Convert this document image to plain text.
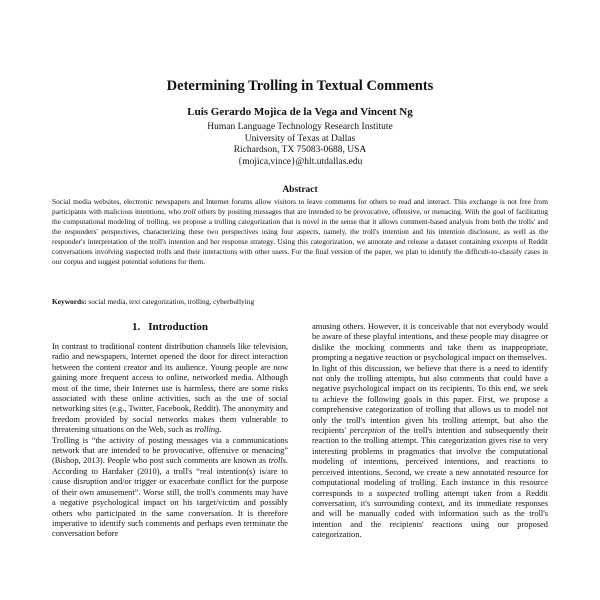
Determining Trolling in Textual Comments
Luis Gerardo Mojica de la Vega and Vincent Ng
Human Language Technology Research Institute
University of Texas at Dallas
Richardson, TX 75083-0688, USA
{mojica,vince}@hlt.utdallas.edu
Abstract

Social media websites, electronic newspapers and Internet forums allow visitors to leave comments for others to read and interact. This exchange is not free from participants with malicious intentions, who troll others by positing messages that are intended to be provocative, offensive, or menacing. With the goal of facilitating the computational modeling of trolling, we propose a trolling categorization that is novel in the sense that it allows comment-based analysis from both the trolls' and the responders' perspectives, characterizing these two perspectives using four aspects, namely, the troll's intention and his intention disclosure, as well as the responder's interpretation of the troll's intention and her response strategy. Using this categorization, we annotate and release a dataset containing excerpts of Reddit conversations involving suspected trolls and their interactions with other users. For the final version of the paper, we plan to identify the difficult-to-classify cases in our corpus and suggest potential solutions for them.

Keywords: social media, text categorization, trolling, cyberbullying

1. Introduction

In contrast to traditional content distribution channels like television, radio and newspapers, Internet opened the door for direct interaction between the content creator and its audience. Young people are now gaining more frequent access to online, networked media. Although most of the time, their Internet use is harmless, there are some risks associated with these online activities, such as the use of social networking sites (e.g., Twitter, Facebook, Reddit). The anonymity and freedom provided by social networks makes them vulnerable to threatening situations on the Web, such as trolling.

Trolling is “the activity of posting messages via a communications network that are intended to be provocative, offensive or menacing” (Bishop, 2013). People who post such comments are known as trolls. According to Hardaker (2010), a troll's “real intention(s) is/are to cause disruption and/or trigger or exacerbate conflict for the purpose of their own amusement”. Worse still, the troll's comments may have a negative psychological impact on his target/victim and possibly others who participated in the same conversation. It is therefore imperative to identify such comments and perhaps even terminate the conversation before

amusing others. However, it is conceivable that not everybody would be aware of these playful intentions, and these people may disagree or dislike the mocking comments and take them as inappropriate, prompting a negative reaction or psychological impact on themselves.

In light of this discussion, we believe that there is a need to identify not only the trolling attempts, but also comments that could have a negative psychological impact on its recipients. To this end, we seek to achieve the following goals in this paper. First, we propose a comprehensive categorization of trolling that allows us to model not only the troll's intention given his trolling attempt, but also the recipients' perception of the troll's intention and subsequently their reaction to the trolling attempt. This categorization gives rise to very interesting problems in pragmatics that involve the computational modeling of intentions, perceived intentions, and reactions to perceived intentions. Second, we create a new annotated resource for computational modeling of trolling. Each instance in this resource corresponds to a suspected trolling attempt taken from a Reddit conversation, it's surrounding context, and its immediate responses and will be manually coded with information such as the troll's intention and the recipients' reactions using our proposed categorization.
